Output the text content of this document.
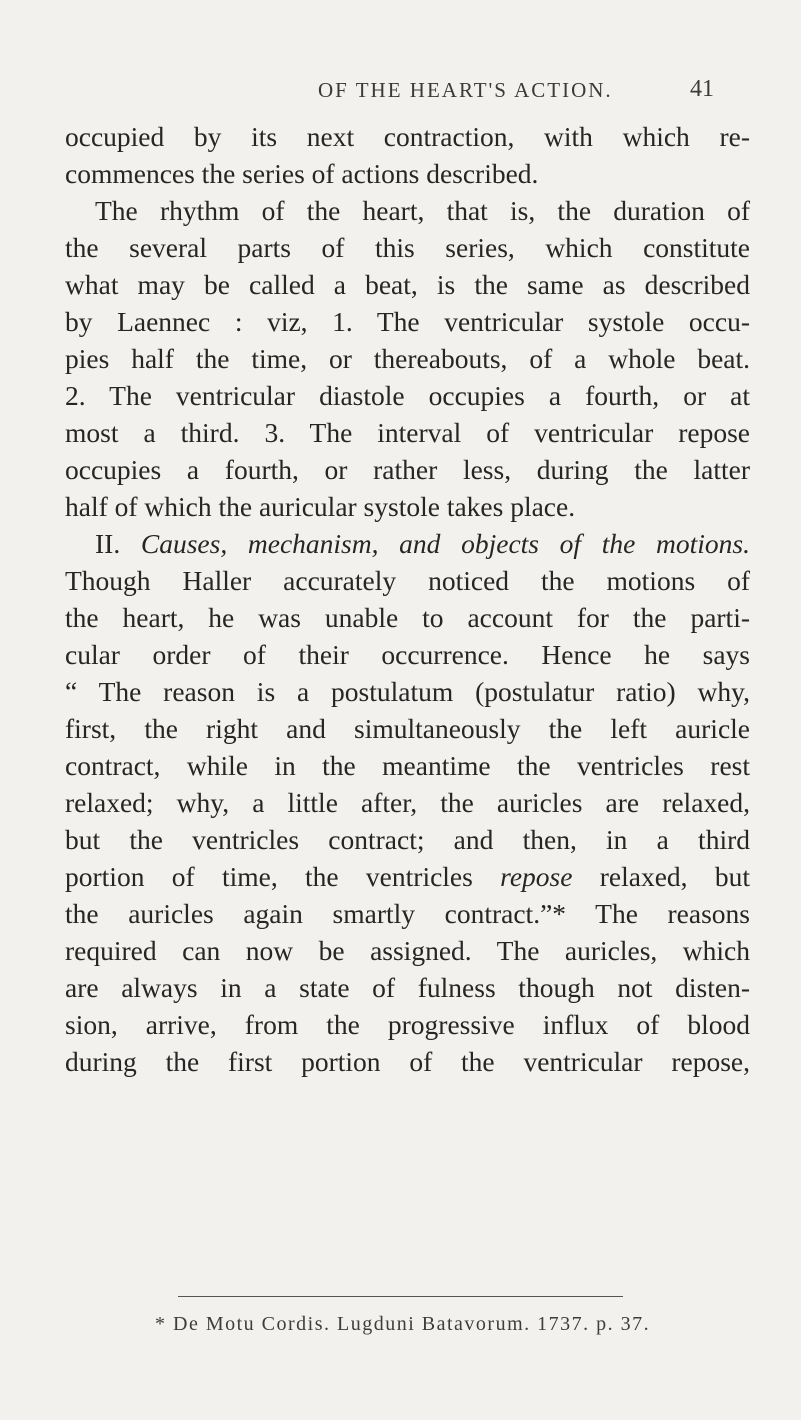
OF THE HEART'S ACTION.	41
occupied by its next contraction, with which re-
commences the series of actions described.
The rhythm of the heart, that is, the duration of
the several parts of this series, which constitute
what may be called a beat, is the same as described
by Laennec : viz, 1. The ventricular systole occu-
pies half the time, or thereabouts, of a whole beat.
2. The ventricular diastole occupies a fourth, or at
most a third. 3. The interval of ventricular repose
occupies a fourth, or rather less, during the latter
half of which the auricular systole takes place.
II. Causes, mechanism, and objects of the motions.
Though Haller accurately noticed the motions of
the heart, he was unable to account for the parti-
cular order of their occurrence. Hence he says
“ The reason is a postulatum (postulatur ratio) why,
first, the right and simultaneously the left auricle
contract, while in the meantime the ventricles rest
relaxed; why, a little after, the auricles are relaxed,
but the ventricles contract; and then, in a third
portion of time, the ventricles repose relaxed, but
the auricles again smartly contract.”* The reasons
required can now be assigned. The auricles, which
are always in a state of fulness though not disten-
sion, arrive, from the progressive influx of blood
during the first portion of the ventricular repose,
* De Motu Cordis. Lugduni Batavorum. 1737. p. 37.
